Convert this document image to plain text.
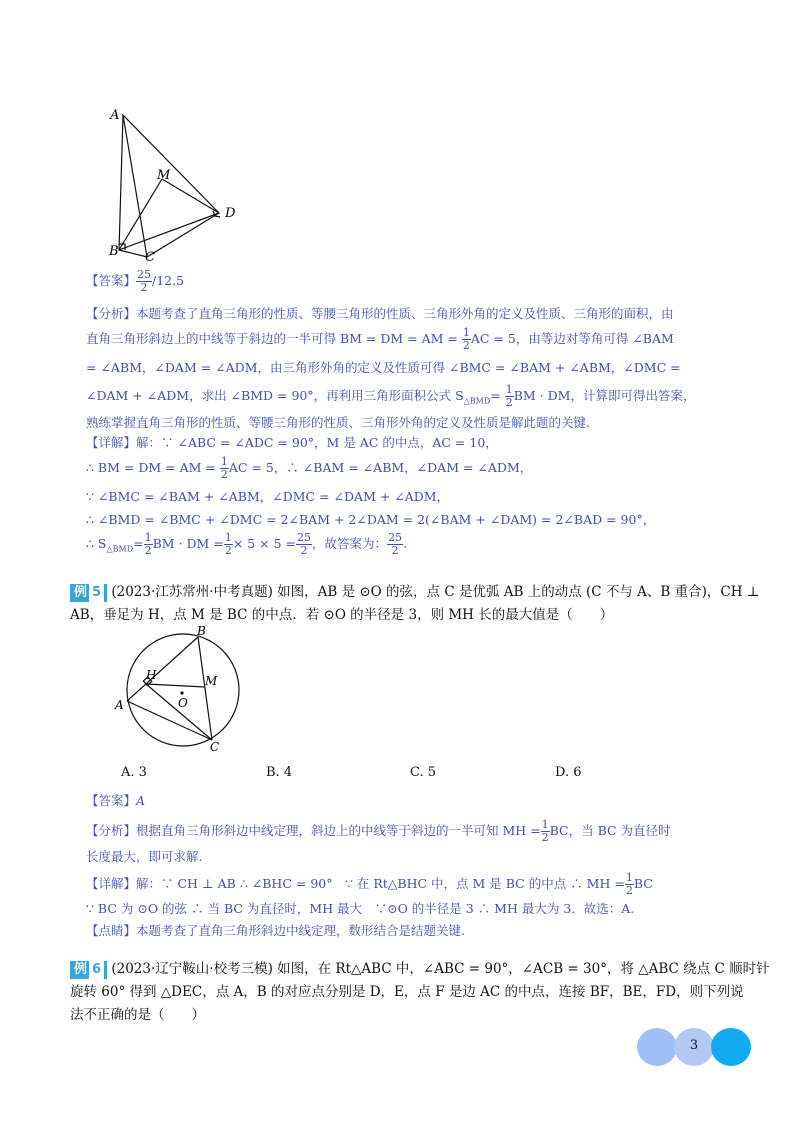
A
M
D
B C
【答案】 $\frac{25}{2} /12.5$
【分析】本题考查了直角三角形的性质、等腰三角形的性质、三角形外角的定义及性质、三角形的面积，由
直角三角形斜边上的中线等于斜边的一半可得 BM = DM = AM = $\frac{1}{2}$ AC = 5，由等边对等角可得 ∠BAM
= ∠ABM，∠DAM = ∠ADM，由三角形外角的定义及性质可得 ∠BMC = ∠BAM + ∠ABM，∠DMC =
∠DAM + ∠ADM，求出 ∠BMD = 90°，再利用三角形面积公式 $S_{\triangle BMD}= \frac{1}{2}$ BM · DM，计算即可得出答案，
熟练掌握直角三角形的性质、等腰三角形的性质、三角形外角的定义及性质是解此题的关键.
【详解】解：∵ ∠ABC = ∠ADC = 90°，M 是 AC 的中点，AC = 10，
∴ BM = DM = AM = $\frac{1}{2}$ AC = 5，∴ ∠BAM = ∠ABM，∠DAM = ∠ADM，
∵ ∠BMC = ∠BAM + ∠ABM，∠DMC = ∠DAM + ∠ADM，
∴ ∠BMD = ∠BMC + ∠DMC = 2∠BAM + 2∠DAM = 2(∠BAM + ∠DAM) = 2∠BAD = 90°，
∴ $S_{\triangle BMD}= \frac{1}{2}$ BM · DM = $\frac{1}{2} \times 5 \times 5 = \frac{25}{2}$ ，故答案为： $\frac{25}{2}$ .
例 5 (2023·江苏常州·中考真题) 如图，AB 是 ⊙O 的弦，点 C 是优弧 AB 上的动点 (C 不与 A、B 重合)，CH ⊥
AB，垂足为 H，点 M 是 BC 的中点．若 ⊙O 的半径是 3，则 MH 长的最大值是（　　）
B
H	M
O
A
C
A. 3	B. 4	C. 5	D. 6
【答案】A
【分析】根据直角三角形斜边中线定理，斜边上的中线等于斜边的一半可知 MH = $\frac{1}{2}$ BC，当 BC 为直径时
长度最大，即可求解.
【详解】解：∵ CH ⊥ AB ∴ ∠BHC = 90°　∵ 在 Rt△BHC 中，点 M 是 BC 的中点 ∴ MH = $\frac{1}{2}$ BC
∵ BC 为 ⊙O 的弦 ∴ 当 BC 为直径时，MH 最大　∵⊙O 的半径是 3 ∴ MH 最大为 3．故选：A.
【点睛】本题考查了直角三角形斜边中线定理，数形结合是结题关键.
例 6 (2023·辽宁鞍山·校考三模) 如图，在 Rt△ABC 中，∠ABC = 90°，∠ACB = 30°，将 △ABC 绕点 C 顺时针
旋转 60° 得到 △DEC，点 A，B 的对应点分别是 D，E，点 F 是边 AC 的中点，连接 BF，BE，FD，则下列说
法不正确的是（　　）
3
